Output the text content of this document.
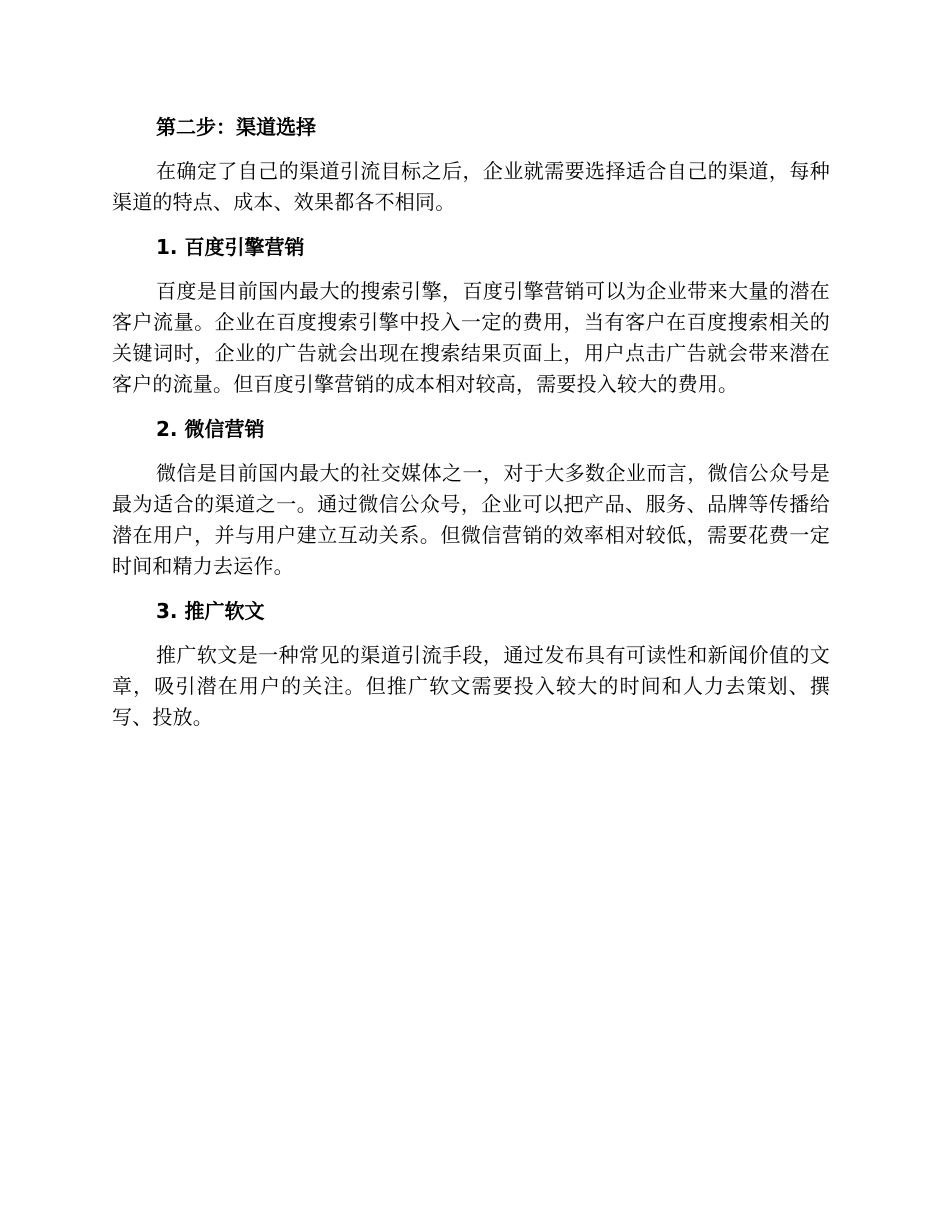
第二步：渠道选择

在确定了自己的渠道引流目标之后，企业就需要选择适合自己的渠道，每种渠道的特点、成本、效果都各不相同。

1. 百度引擎营销

百度是目前国内最大的搜索引擎，百度引擎营销可以为企业带来大量的潜在客户流量。企业在百度搜索引擎中投入一定的费用，当有客户在百度搜索相关的关键词时，企业的广告就会出现在搜索结果页面上，用户点击广告就会带来潜在客户的流量。但百度引擎营销的成本相对较高，需要投入较大的费用。

2. 微信营销

微信是目前国内最大的社交媒体之一，对于大多数企业而言，微信公众号是最为适合的渠道之一。通过微信公众号，企业可以把产品、服务、品牌等传播给潜在用户，并与用户建立互动关系。但微信营销的效率相对较低，需要花费一定时间和精力去运作。

3. 推广软文

推广软文是一种常见的渠道引流手段，通过发布具有可读性和新闻价值的文章，吸引潜在用户的关注。但推广软文需要投入较大的时间和人力去策划、撰写、投放。
